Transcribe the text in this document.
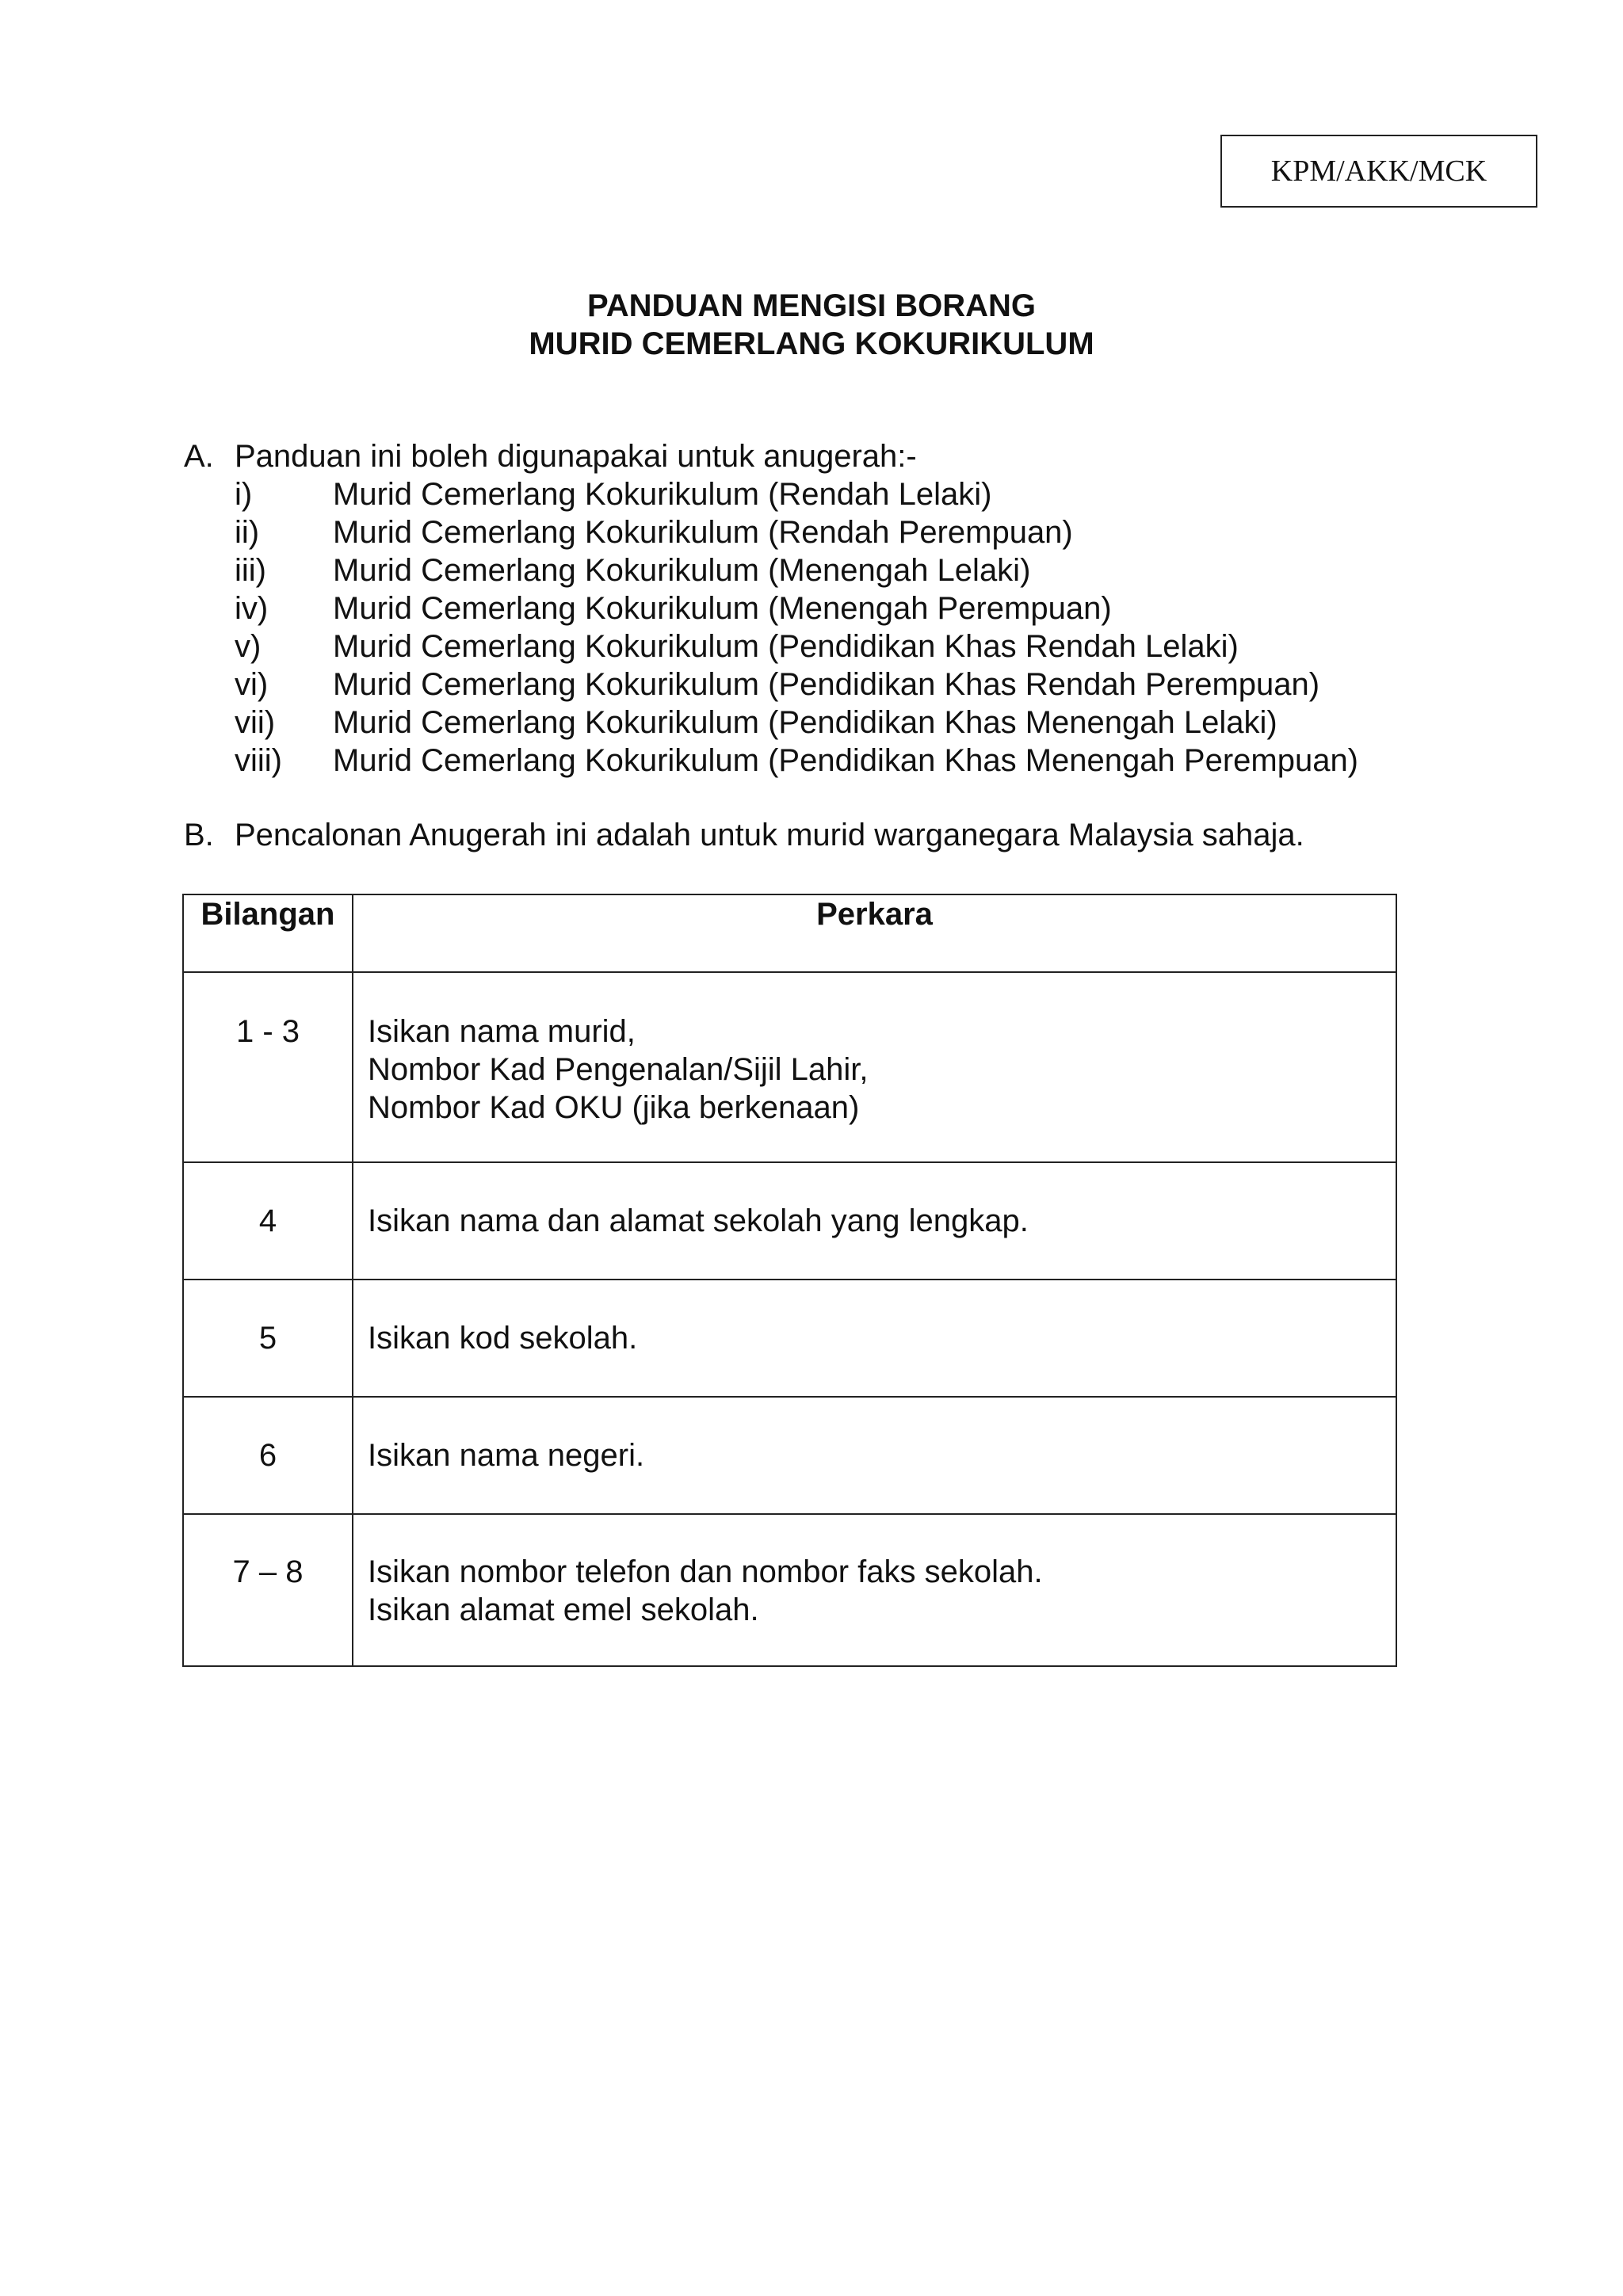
KPM/AKK/MCK
PANDUAN MENGISI BORANG
MURID CEMERLANG KOKURIKULUM
A. Panduan ini boleh digunapakai untuk anugerah:-
i)	Murid Cemerlang Kokurikulum (Rendah Lelaki)
ii)	Murid Cemerlang Kokurikulum (Rendah Perempuan)
iii)	Murid Cemerlang Kokurikulum (Menengah Lelaki)
iv)	Murid Cemerlang Kokurikulum (Menengah Perempuan)
v)	Murid Cemerlang Kokurikulum (Pendidikan Khas Rendah Lelaki)
vi)	Murid Cemerlang Kokurikulum (Pendidikan Khas Rendah Perempuan)
vii)	Murid Cemerlang Kokurikulum (Pendidikan Khas Menengah Lelaki)
viii)	Murid Cemerlang Kokurikulum (Pendidikan Khas Menengah Perempuan)
B. Pencalonan Anugerah ini adalah untuk murid warganegara Malaysia sahaja.
Bilangan	Perkara
1 - 3	Isikan nama murid,
Nombor Kad Pengenalan/Sijil Lahir,
Nombor Kad OKU (jika berkenaan)

4	Isikan nama dan alamat sekolah yang lengkap.

5	Isikan kod sekolah.

6	Isikan nama negeri.

7 – 8	Isikan nombor telefon dan nombor faks sekolah.
Isikan alamat emel sekolah.
